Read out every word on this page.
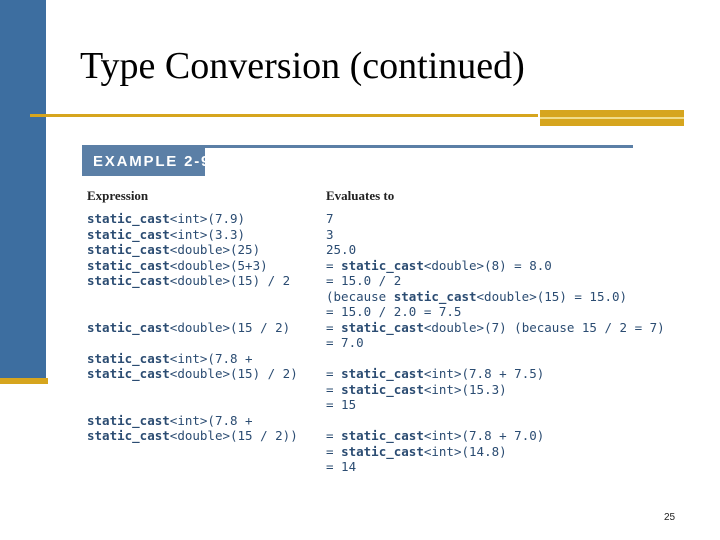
Type Conversion (continued)
EXAMPLE 2-9
Expression	Evaluates to
static_cast<int>(7.9)
static_cast<int>(3.3)
static_cast<double>(25)
static_cast<double>(5+3)
static_cast<double>(15) / 2
static_cast<double>(15 / 2)
static_cast<int>(7.8 +
static_cast<double>(15) / 2)
static_cast<int>(7.8 +
static_cast<double>(15 / 2))
7
3
25.0
= static_cast<double>(8) = 8.0
= 15.0 / 2
(because static_cast<double>(15) = 15.0)
= 15.0 / 2.0 = 7.5
= static_cast<double>(7) (because 15 / 2 = 7)
= 7.0
= static_cast<int>(7.8 + 7.5)
= static_cast<int>(15.3)
= 15
= static_cast<int>(7.8 + 7.0)
= static_cast<int>(14.8)
= 14
25
